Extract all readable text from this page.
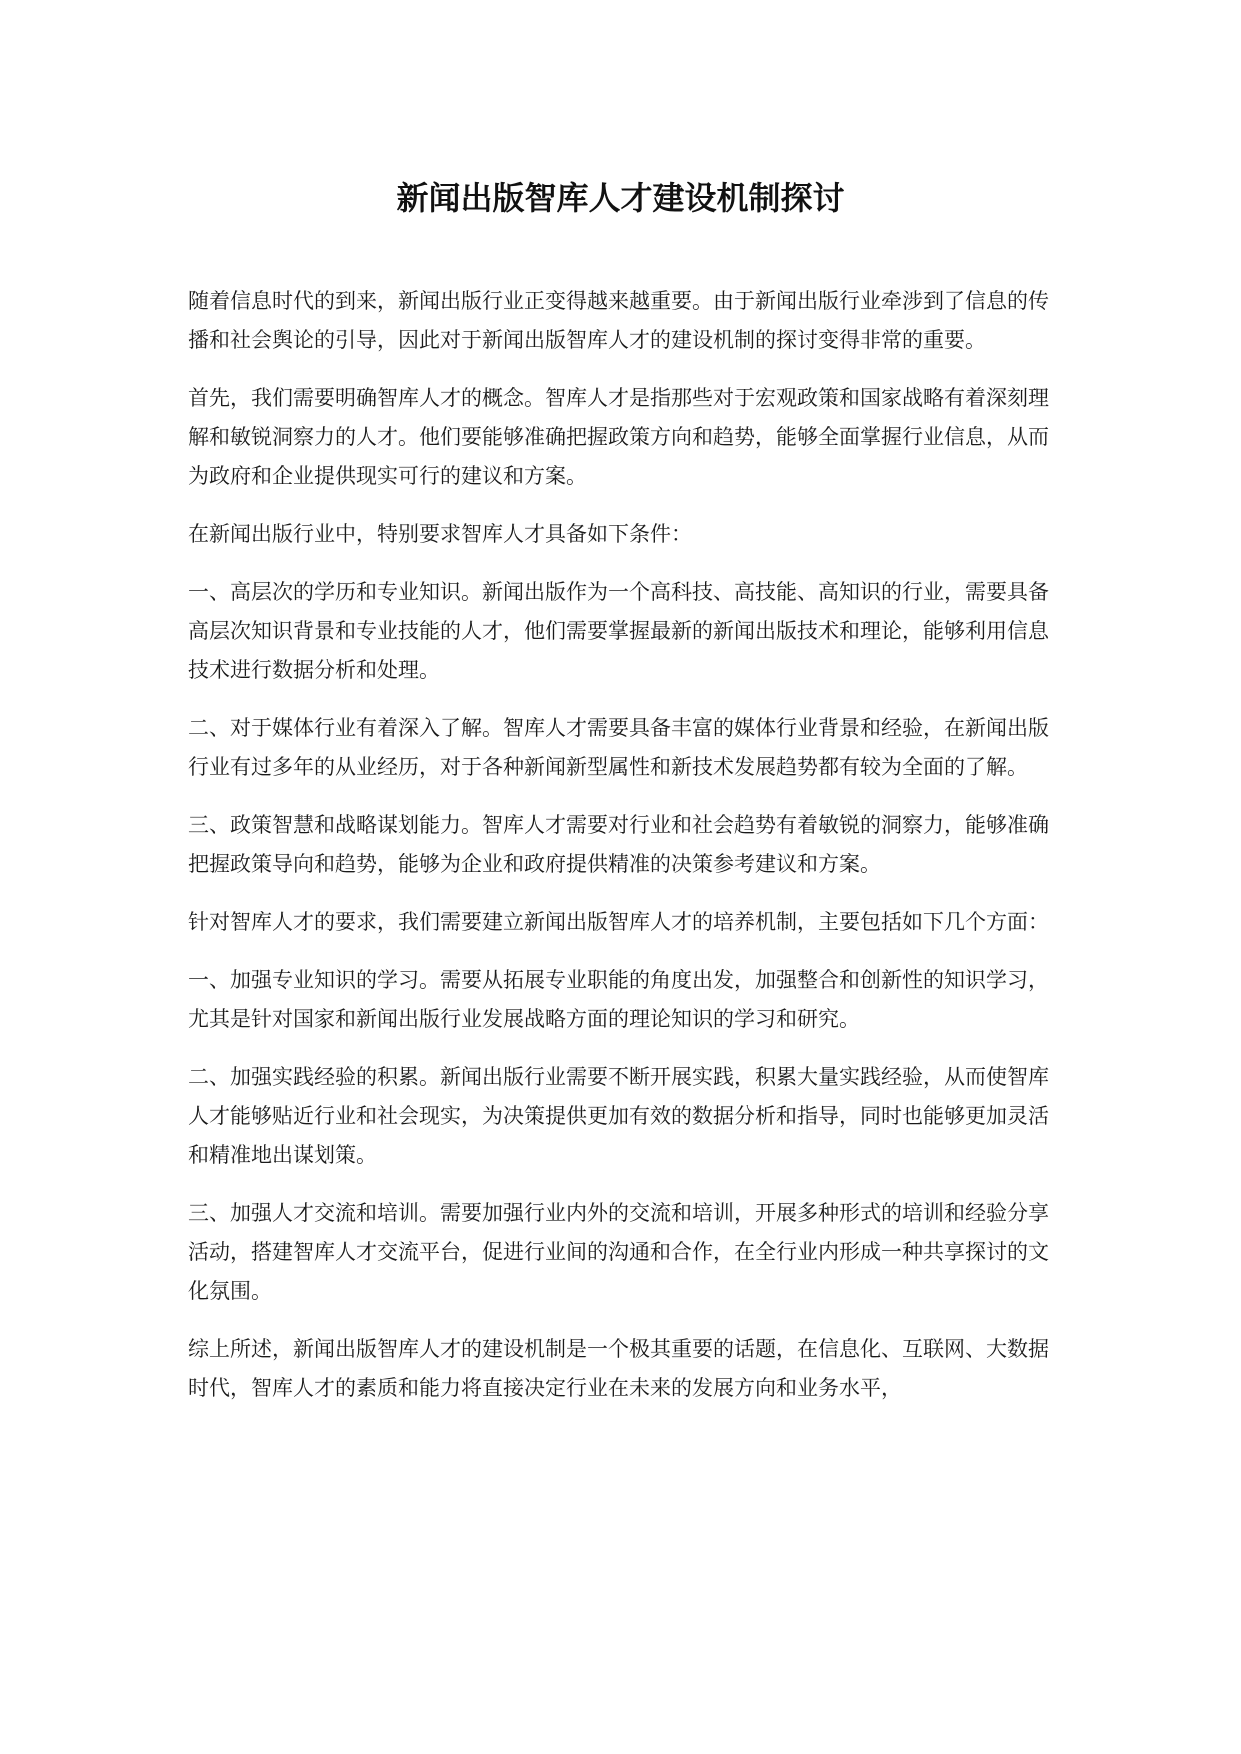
新闻出版智库人才建设机制探讨

随着信息时代的到来，新闻出版行业正变得越来越重要。由于新闻出版行业牵涉到了信息的传播和社会舆论的引导，因此对于新闻出版智库人才的建设机制的探讨变得非常的重要。

首先，我们需要明确智库人才的概念。智库人才是指那些对于宏观政策和国家战略有着深刻理解和敏锐洞察力的人才。他们要能够准确把握政策方向和趋势，能够全面掌握行业信息，从而为政府和企业提供现实可行的建议和方案。

在新闻出版行业中，特别要求智库人才具备如下条件：

一、高层次的学历和专业知识。新闻出版作为一个高科技、高技能、高知识的行业，需要具备高层次知识背景和专业技能的人才，他们需要掌握最新的新闻出版技术和理论，能够利用信息技术进行数据分析和处理。

二、对于媒体行业有着深入了解。智库人才需要具备丰富的媒体行业背景和经验，在新闻出版行业有过多年的从业经历，对于各种新闻新型属性和新技术发展趋势都有较为全面的了解。

三、政策智慧和战略谋划能力。智库人才需要对行业和社会趋势有着敏锐的洞察力，能够准确把握政策导向和趋势，能够为企业和政府提供精准的决策参考建议和方案。

针对智库人才的要求，我们需要建立新闻出版智库人才的培养机制，主要包括如下几个方面：

一、加强专业知识的学习。需要从拓展专业职能的角度出发，加强整合和创新性的知识学习，尤其是针对国家和新闻出版行业发展战略方面的理论知识的学习和研究。

二、加强实践经验的积累。新闻出版行业需要不断开展实践，积累大量实践经验，从而使智库人才能够贴近行业和社会现实，为决策提供更加有效的数据分析和指导，同时也能够更加灵活和精准地出谋划策。

三、加强人才交流和培训。需要加强行业内外的交流和培训，开展多种形式的培训和经验分享活动，搭建智库人才交流平台，促进行业间的沟通和合作，在全行业内形成一种共享探讨的文化氛围。

综上所述，新闻出版智库人才的建设机制是一个极其重要的话题，在信息化、互联网、大数据时代，智库人才的素质和能力将直接决定行业在未来的发展方向和业务水平，
